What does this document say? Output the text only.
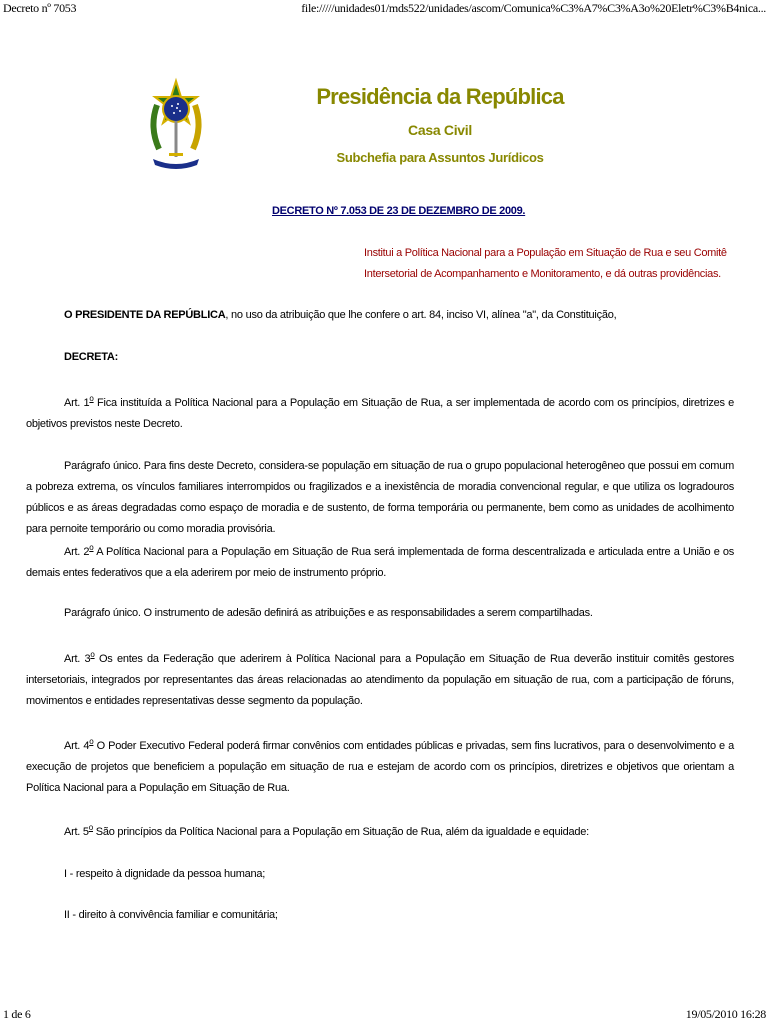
Decreto nº 7053	file://///unidades01/mds522/unidades/ascom/Comunica%C3%A7%C3%A3o%20Eletr%C3%B4nica...
Presidência da República
Casa Civil
Subchefia para Assuntos Jurídicos
DECRETO Nº 7.053 DE 23 DE DEZEMBRO DE 2009.
Institui a Política Nacional para a População em Situação de Rua e seu Comitê Intersetorial de Acompanhamento e Monitoramento, e dá outras providências.
O PRESIDENTE DA REPÚBLICA, no uso da atribuição que lhe confere o art. 84, inciso VI, alínea "a", da Constituição,
DECRETA:
Art. 1$^o$ Fica instituída a Política Nacional para a População em Situação de Rua, a ser implementada de acordo com os princípios, diretrizes e objetivos previstos neste Decreto.
Parágrafo único. Para fins deste Decreto, considera-se população em situação de rua o grupo populacional heterogêneo que possui em comum a pobreza extrema, os vínculos familiares interrompidos ou fragilizados e a inexistência de moradia convencional regular, e que utiliza os logradouros públicos e as áreas degradadas como espaço de moradia e de sustento, de forma temporária ou permanente, bem como as unidades de acolhimento para pernoite temporário ou como moradia provisória.
Art. 2$^o$ A Política Nacional para a População em Situação de Rua será implementada de forma descentralizada e articulada entre a União e os demais entes federativos que a ela aderirem por meio de instrumento próprio.
Parágrafo único. O instrumento de adesão definirá as atribuições e as responsabilidades a serem compartilhadas.
Art. 3$^o$ Os entes da Federação que aderirem à Política Nacional para a População em Situação de Rua deverão instituir comitês gestores intersetoriais, integrados por representantes das áreas relacionadas ao atendimento da população em situação de rua, com a participação de fóruns, movimentos e entidades representativas desse segmento da população.
Art. 4$^o$ O Poder Executivo Federal poderá firmar convênios com entidades públicas e privadas, sem fins lucrativos, para o desenvolvimento e a execução de projetos que beneficiem a população em situação de rua e estejam de acordo com os princípios, diretrizes e objetivos que orientam a Política Nacional para a População em Situação de Rua.
Art. 5$^o$ São princípios da Política Nacional para a População em Situação de Rua, além da igualdade e equidade:
I - respeito à dignidade da pessoa humana;
II - direito à convivência familiar e comunitária;
1 de 6	19/05/2010 16:28
